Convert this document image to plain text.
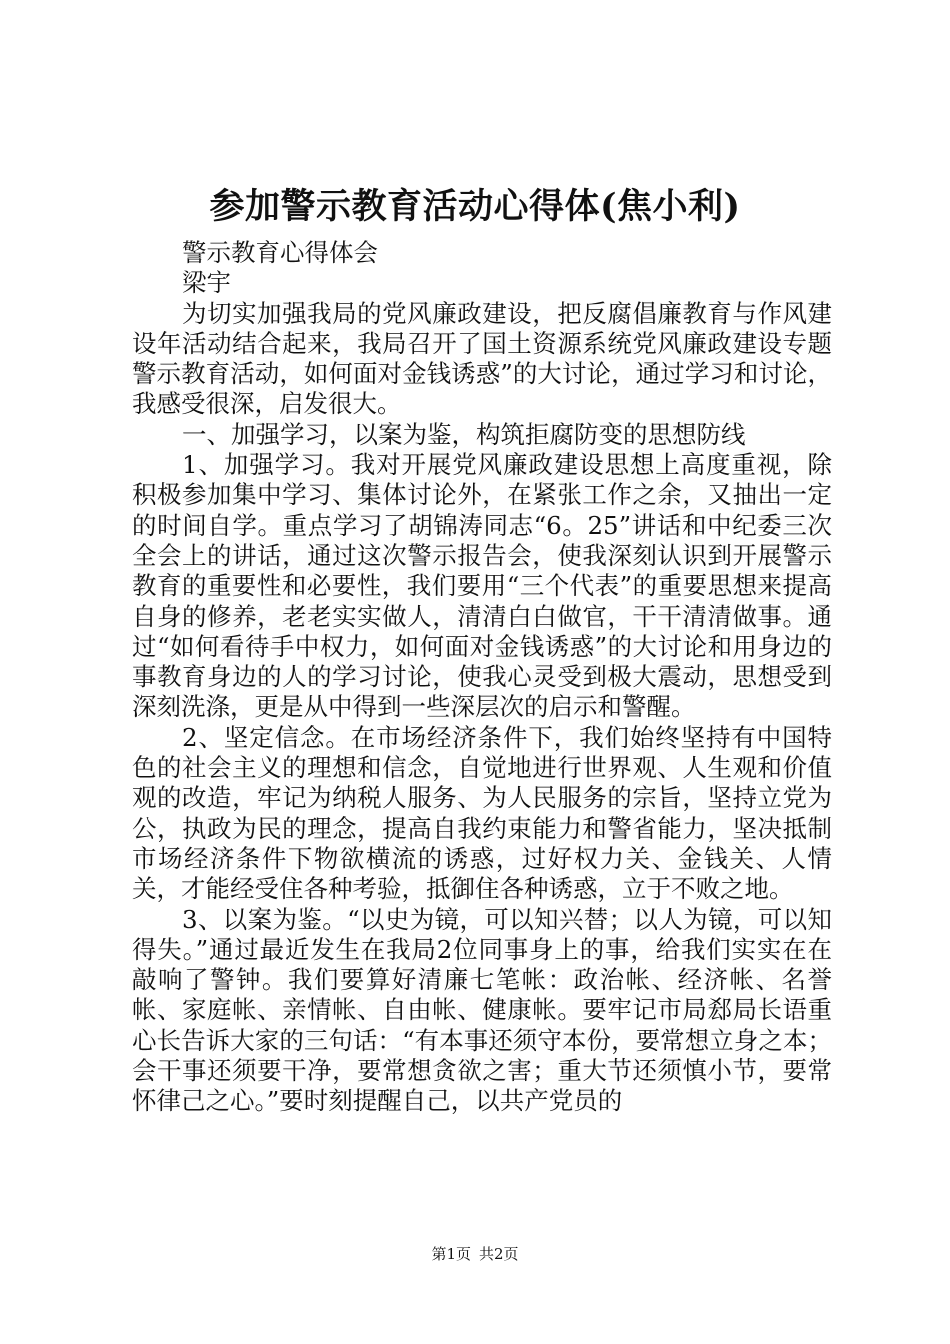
参加警示教育活动心得体(焦小利)

警示教育心得体会

梁宇

为切实加强我局的党风廉政建设，把反腐倡廉教育与作风建设年活动结合起来，我局召开了国土资源系统党风廉政建设专题警示教育活动，如何面对金钱诱惑”的大讨论，通过学习和讨论，我感受很深，启发很大。

一、加强学习，以案为鉴，构筑拒腐防变的思想防线

1、加强学习。我对开展党风廉政建设思想上高度重视，除积极参加集中学习、集体讨论外，在紧张工作之余，又抽出一定的时间自学。重点学习了胡锦涛同志“6。25”讲话和中纪委三次全会上的讲话，通过这次警示报告会，使我深刻认识到开展警示教育的重要性和必要性，我们要用“三个代表”的重要思想来提高自身的修养，老老实实做人，清清白白做官，干干清清做事。通过“如何看待手中权力，如何面对金钱诱惑”的大讨论和用身边的事教育身边的人的学习讨论，使我心灵受到极大震动，思想受到深刻洗涤，更是从中得到一些深层次的启示和警醒。

2、坚定信念。在市场经济条件下，我们始终坚持有中国特色的社会主义的理想和信念，自觉地进行世界观、人生观和价值观的改造，牢记为纳税人服务、为人民服务的宗旨，坚持立党为公，执政为民的理念，提高自我约束能力和警省能力，坚决抵制市场经济条件下物欲横流的诱惑，过好权力关、金钱关、人情关，才能经受住各种考验，抵御住各种诱惑，立于不败之地。

3、以案为鉴。“以史为镜，可以知兴替；以人为镜，可以知得失。”通过最近发生在我局2位同事身上的事，给我们实实在在敲响了警钟。我们要算好清廉七笔帐：政治帐、经济帐、名誉帐、家庭帐、亲情帐、自由帐、健康帐。要牢记市局郄局长语重心长告诉大家的三句话：“有本事还须守本份，要常想立身之本；会干事还须要干净，要常想贪欲之害；重大节还须慎小节，要常怀律己之心。”要时刻提醒自己，以共产党员的

第1页 共2页
